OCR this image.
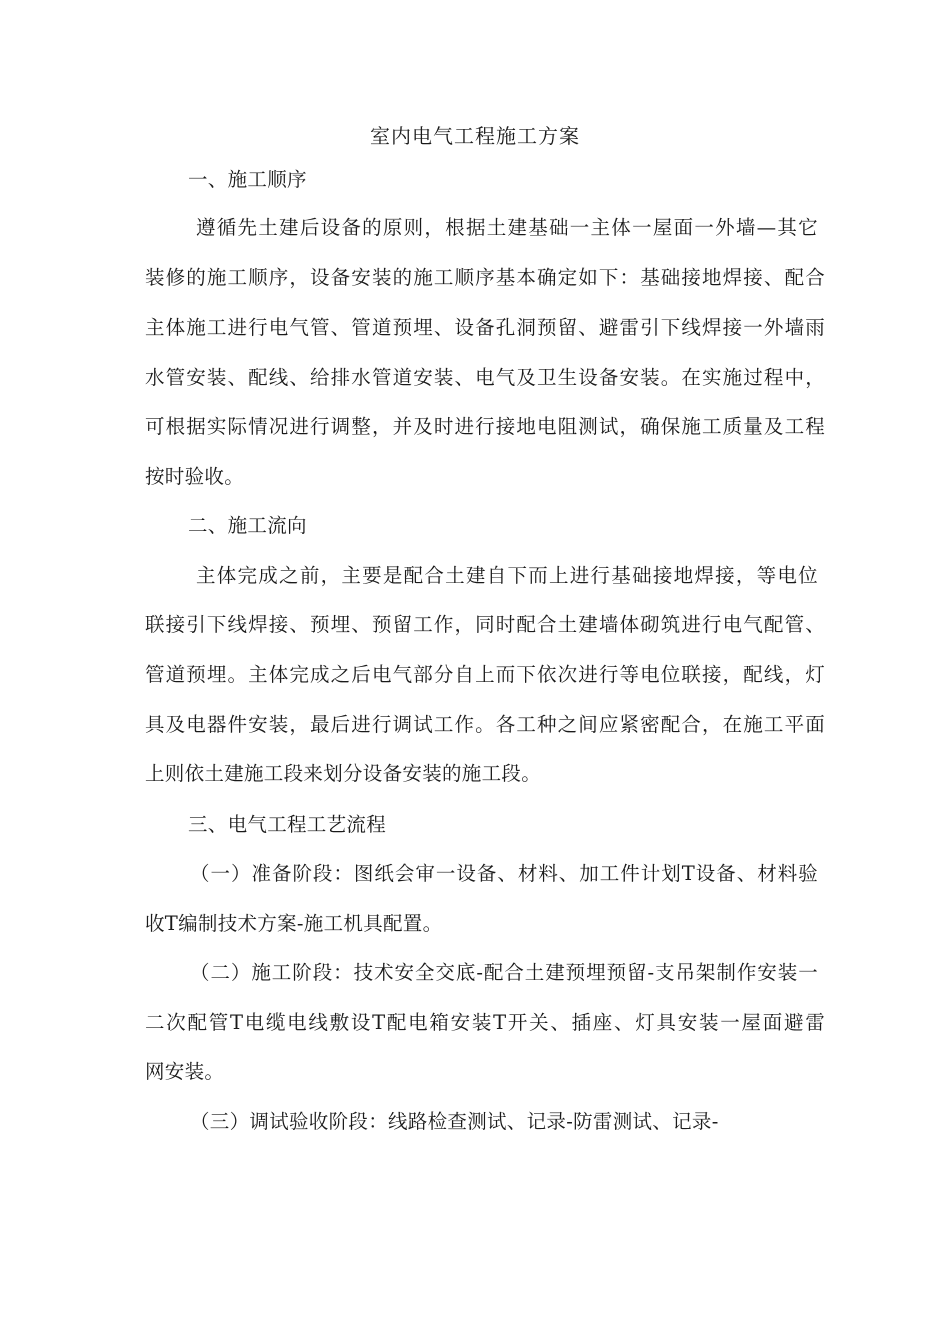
室内电气工程施工方案
一、施工顺序
遵循先土建后设备的原则，根据土建基础一主体一屋面一外墙—其它
装修的施工顺序，设备安装的施工顺序基本确定如下：基础接地焊接、配合
主体施工进行电气管、管道预埋、设备孔洞预留、避雷引下线焊接一外墙雨
水管安装、配线、给排水管道安装、电气及卫生设备安装。在实施过程中，
可根据实际情况进行调整，并及时进行接地电阻测试，确保施工质量及工程
按时验收。
二、施工流向
主体完成之前，主要是配合土建自下而上进行基础接地焊接，等电位
联接引下线焊接、预埋、预留工作，同时配合土建墙体砌筑进行电气配管、
管道预埋。主体完成之后电气部分自上而下依次进行等电位联接，配线，灯
具及电器件安装，最后进行调试工作。各工种之间应紧密配合，在施工平面
上则依土建施工段来划分设备安装的施工段。
三、电气工程工艺流程
（一）准备阶段：图纸会审一设备、材料、加工件计划T设备、材料验
收T编制技术方案-施工机具配置。
（二）施工阶段：技术安全交底-配合土建预埋预留-支吊架制作安装一
二次配管T电缆电线敷设T配电箱安装T开关、插座、灯具安装一屋面避雷
网安装。
（三）调试验收阶段：线路检查测试、记录-防雷测试、记录-
